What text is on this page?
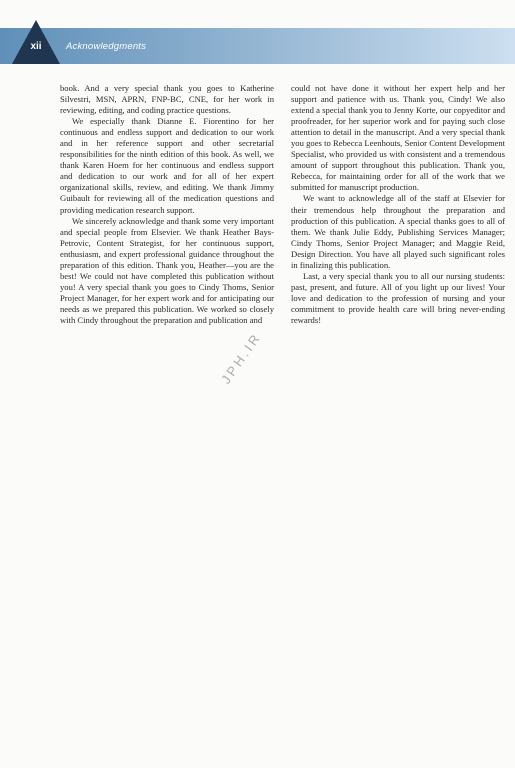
xii	Acknowledgments

book. And a very special thank you goes to Katherine Silvestri, MSN, APRN, FNP-BC, CNE, for her work in reviewing, editing, and coding practice questions.

We especially thank Dianne E. Fiorentino for her continuous and endless support and dedication to our work and in her reference support and other secretarial responsibilities for the ninth edition of this book. As well, we thank Karen Hoem for her continuous and endless support and dedication to our work and for all of her expert organizational skills, review, and editing. We thank Jimmy Guibault for reviewing all of the medication questions and providing medication research support.

We sincerely acknowledge and thank some very important and special people from Elsevier. We thank Heather Bays-Petrovic, Content Strategist, for her continuous support, enthusiasm, and expert professional guidance throughout the preparation of this edition. Thank you, Heather—you are the best! We could not have completed this publication without you! A very special thank you goes to Cindy Thoms, Senior Project Manager, for her expert work and for anticipating our needs as we prepared this publication. We worked so closely with Cindy throughout the preparation and publication and

could not have done it without her expert help and her support and patience with us. Thank you, Cindy! We also extend a special thank you to Jenny Korte, our copyeditor and proofreader, for her superior work and for paying such close attention to detail in the manuscript. And a very special thank you goes to Rebecca Leenhouts, Senior Content Development Specialist, who provided us with consistent and a tremendous amount of support throughout this publication. Thank you, Rebecca, for maintaining order for all of the work that we submitted for manuscript production.

We want to acknowledge all of the staff at Elsevier for their tremendous help throughout the preparation and production of this publication. A special thanks goes to all of them. We thank Julie Eddy, Publishing Services Manager; Cindy Thoms, Senior Project Manager; and Maggie Reid, Design Direction. You have all played such significant roles in finalizing this publication.

Last, a very special thank you to all our nursing students: past, present, and future. All of you light up our lives! Your love and dedication to the profession of nursing and your commitment to provide health care will bring never-ending rewards!

JPH.IR
